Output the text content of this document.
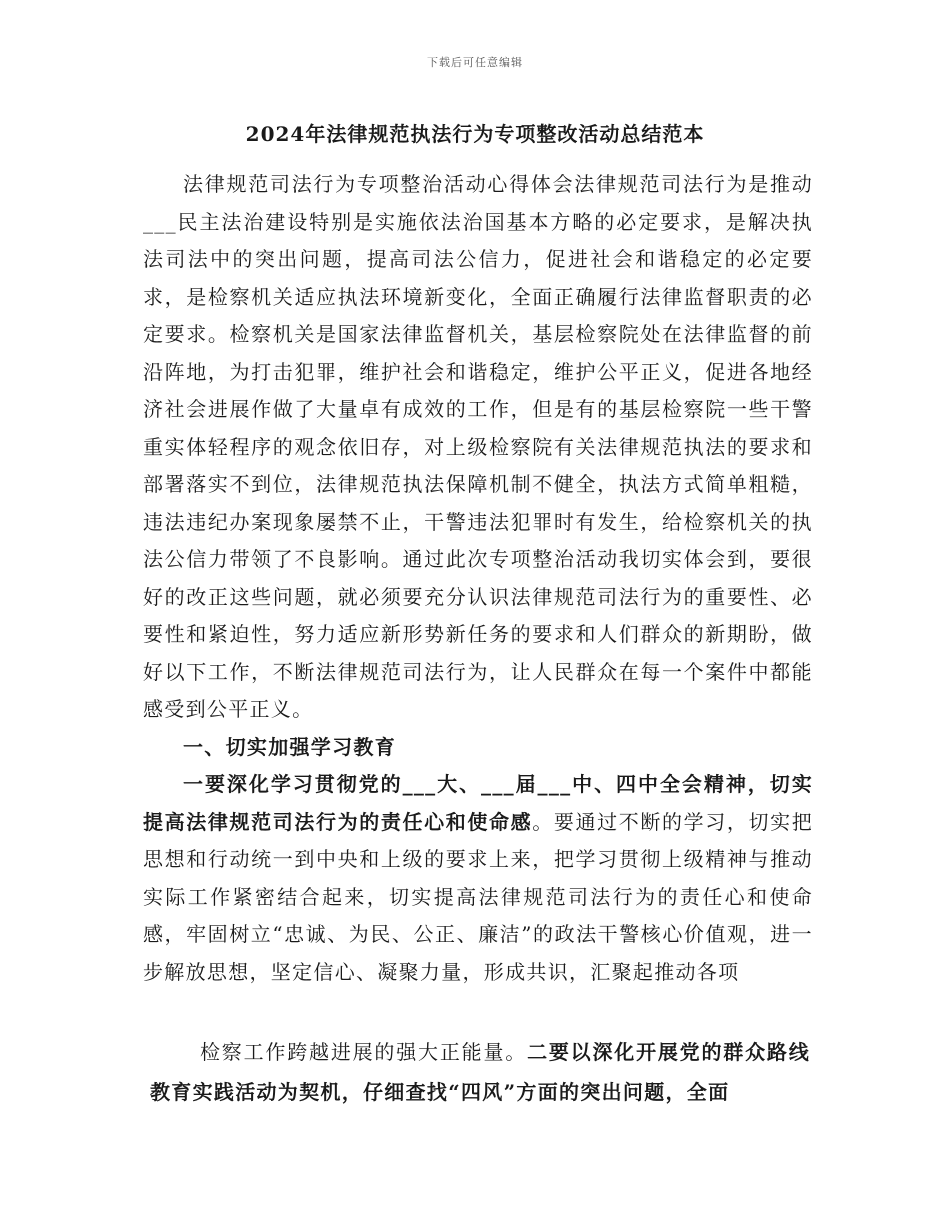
下载后可任意编辑
2024年法律规范执法行为专项整改活动总结范本

法律规范司法行为专项整治活动心得体会法律规范司法行为是推动___民主法治建设特别是实施依法治国基本方略的必定要求，是解决执法司法中的突出问题，提高司法公信力，促进社会和谐稳定的必定要求，是检察机关适应执法环境新变化，全面正确履行法律监督职责的必定要求。检察机关是国家法律监督机关，基层检察院处在法律监督的前沿阵地，为打击犯罪，维护社会和谐稳定，维护公平正义，促进各地经济社会进展作做了大量卓有成效的工作，但是有的基层检察院一些干警重实体轻程序的观念依旧存，对上级检察院有关法律规范执法的要求和部署落实不到位，法律规范执法保障机制不健全，执法方式简单粗糙，违法违纪办案现象屡禁不止，干警违法犯罪时有发生，给检察机关的执法公信力带领了不良影响。通过此次专项整治活动我切实体会到，要很好的改正这些问题，就必须要充分认识法律规范司法行为的重要性、必要性和紧迫性，努力适应新形势新任务的要求和人们群众的新期盼，做好以下工作，不断法律规范司法行为，让人民群众在每一个案件中都能感受到公平正义。

一、切实加强学习教育

一要深化学习贯彻党的___大、___届___中、四中全会精神，切实提高法律规范司法行为的责任心和使命感。要通过不断的学习，切实把思想和行动统一到中央和上级的要求上来，把学习贯彻上级精神与推动实际工作紧密结合起来，切实提高法律规范司法行为的责任心和使命感，牢固树立“忠诚、为民、公正、廉洁”的政法干警核心价值观，进一步解放思想，坚定信心、凝聚力量，形成共识，汇聚起推动各项

检察工作跨越进展的强大正能量。二要以深化开展党的群众路线教育实践活动为契机，仔细查找“四风”方面的突出问题，全面
